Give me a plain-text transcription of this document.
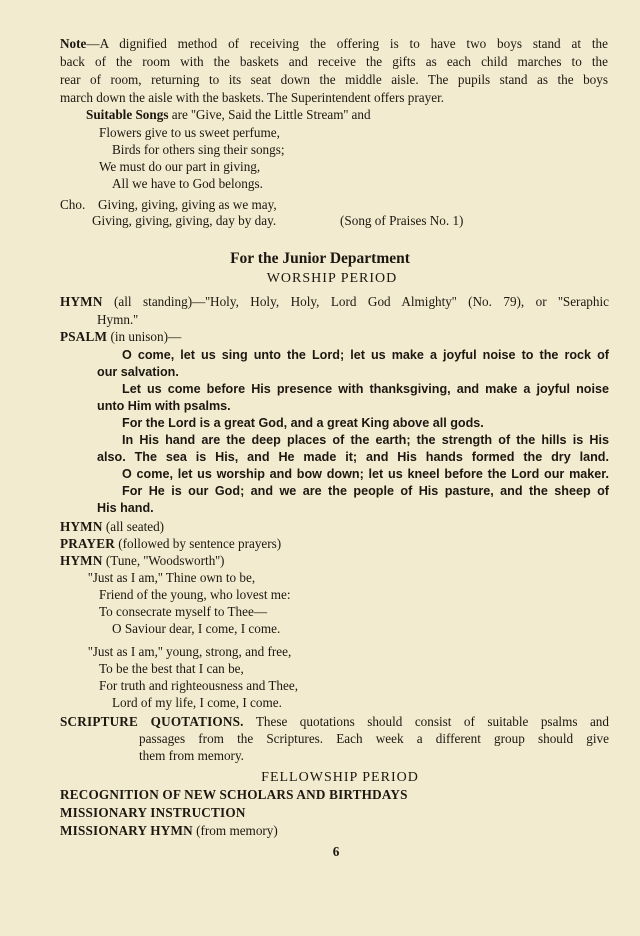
Note—A dignified method of receiving the offering is to have two boys stand at the
back of the room with the baskets and receive the gifts as each child marches to the
rear of room, returning to its seat down the middle aisle. The pupils stand as the boys
march down the aisle with the baskets. The Superintendent offers prayer.
Suitable Songs are ''Give, Said the Little Stream'' and
Flowers give to us sweet perfume,
Birds for others sing their songs;
We must do our part in giving,
All we have to God belongs.
Cho. Giving, giving, giving as we may,
Giving, giving, giving, day by day.	(Song of Praises No. 1)
For the Junior Department
WORSHIP PERIOD
HYMN (all standing)—''Holy, Holy, Holy, Lord God Almighty'' (No. 79), or ''Seraphic
Hymn.''
PSALM (in unison)—
O come, let us sing unto the Lord; let us make a joyful noise to the rock of
our salvation.
Let us come before His presence with thanksgiving, and make a joyful noise
unto Him with psalms.
For the Lord is a great God, and a great King above all gods.
In His hand are the deep places of the earth; the strength of the hills is His
also. The sea is His, and He made it; and His hands formed the dry land.
O come, let us worship and bow down; let us kneel before the Lord our maker.
For He is our God; and we are the people of His pasture, and the sheep of
His hand.
HYMN (all seated)
PRAYER (followed by sentence prayers)
HYMN (Tune, ''Woodsworth'')
''Just as I am,'' Thine own to be,
Friend of the young, who lovest me:
To consecrate myself to Thee—
O Saviour dear, I come, I come.
''Just as I am,'' young, strong, and free,
To be the best that I can be,
For truth and righteousness and Thee,
Lord of my life, I come, I come.
SCRIPTURE QUOTATIONS. These quotations should consist of suitable psalms and
passages from the Scriptures. Each week a different group should give
them from memory.
FELLOWSHIP PERIOD
RECOGNITION OF NEW SCHOLARS AND BIRTHDAYS
MISSIONARY INSTRUCTION
MISSIONARY HYMN (from memory)
6
